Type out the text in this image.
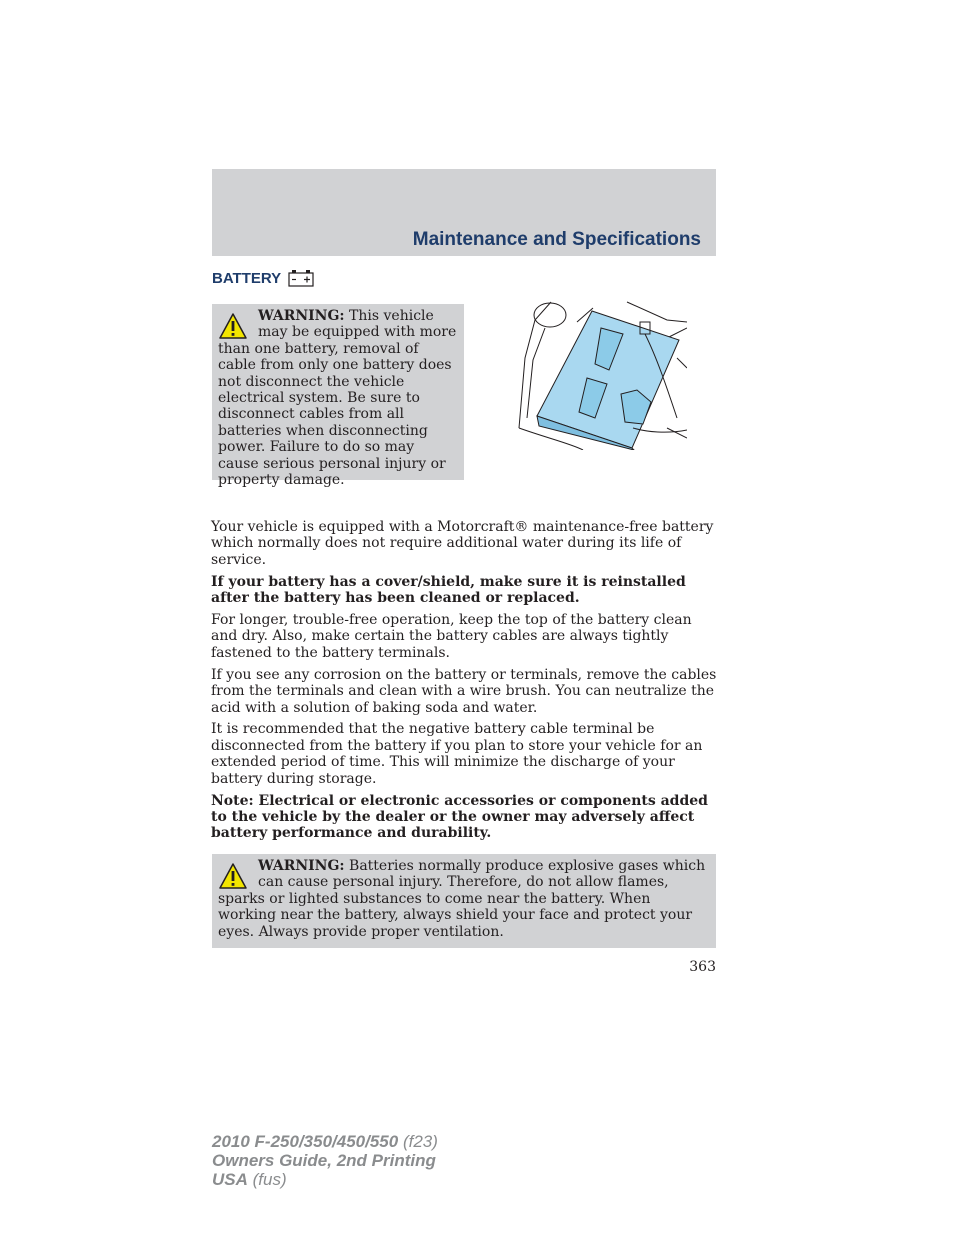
Maintenance and Specifications
BATTERY
WARNING: This vehicle may be equipped with more than one battery, removal of cable from only one battery does not disconnect the vehicle electrical system. Be sure to disconnect cables from all batteries when disconnecting power. Failure to do so may cause serious personal injury or property damage.

Your vehicle is equipped with a Motorcraft® maintenance-free battery which normally does not require additional water during its life of service.

If your battery has a cover/shield, make sure it is reinstalled after the battery has been cleaned or replaced.

For longer, trouble-free operation, keep the top of the battery clean and dry. Also, make certain the battery cables are always tightly fastened to the battery terminals.

If you see any corrosion on the battery or terminals, remove the cables from the terminals and clean with a wire brush. You can neutralize the acid with a solution of baking soda and water.

It is recommended that the negative battery cable terminal be disconnected from the battery if you plan to store your vehicle for an extended period of time. This will minimize the discharge of your battery during storage.

Note: Electrical or electronic accessories or components added to the vehicle by the dealer or the owner may adversely affect battery performance and durability.

WARNING: Batteries normally produce explosive gases which can cause personal injury. Therefore, do not allow flames, sparks or lighted substances to come near the battery. When working near the battery, always shield your face and protect your eyes. Always provide proper ventilation.
363
2010 F-250/350/450/550 (f23)
Owners Guide, 2nd Printing
USA (fus)
